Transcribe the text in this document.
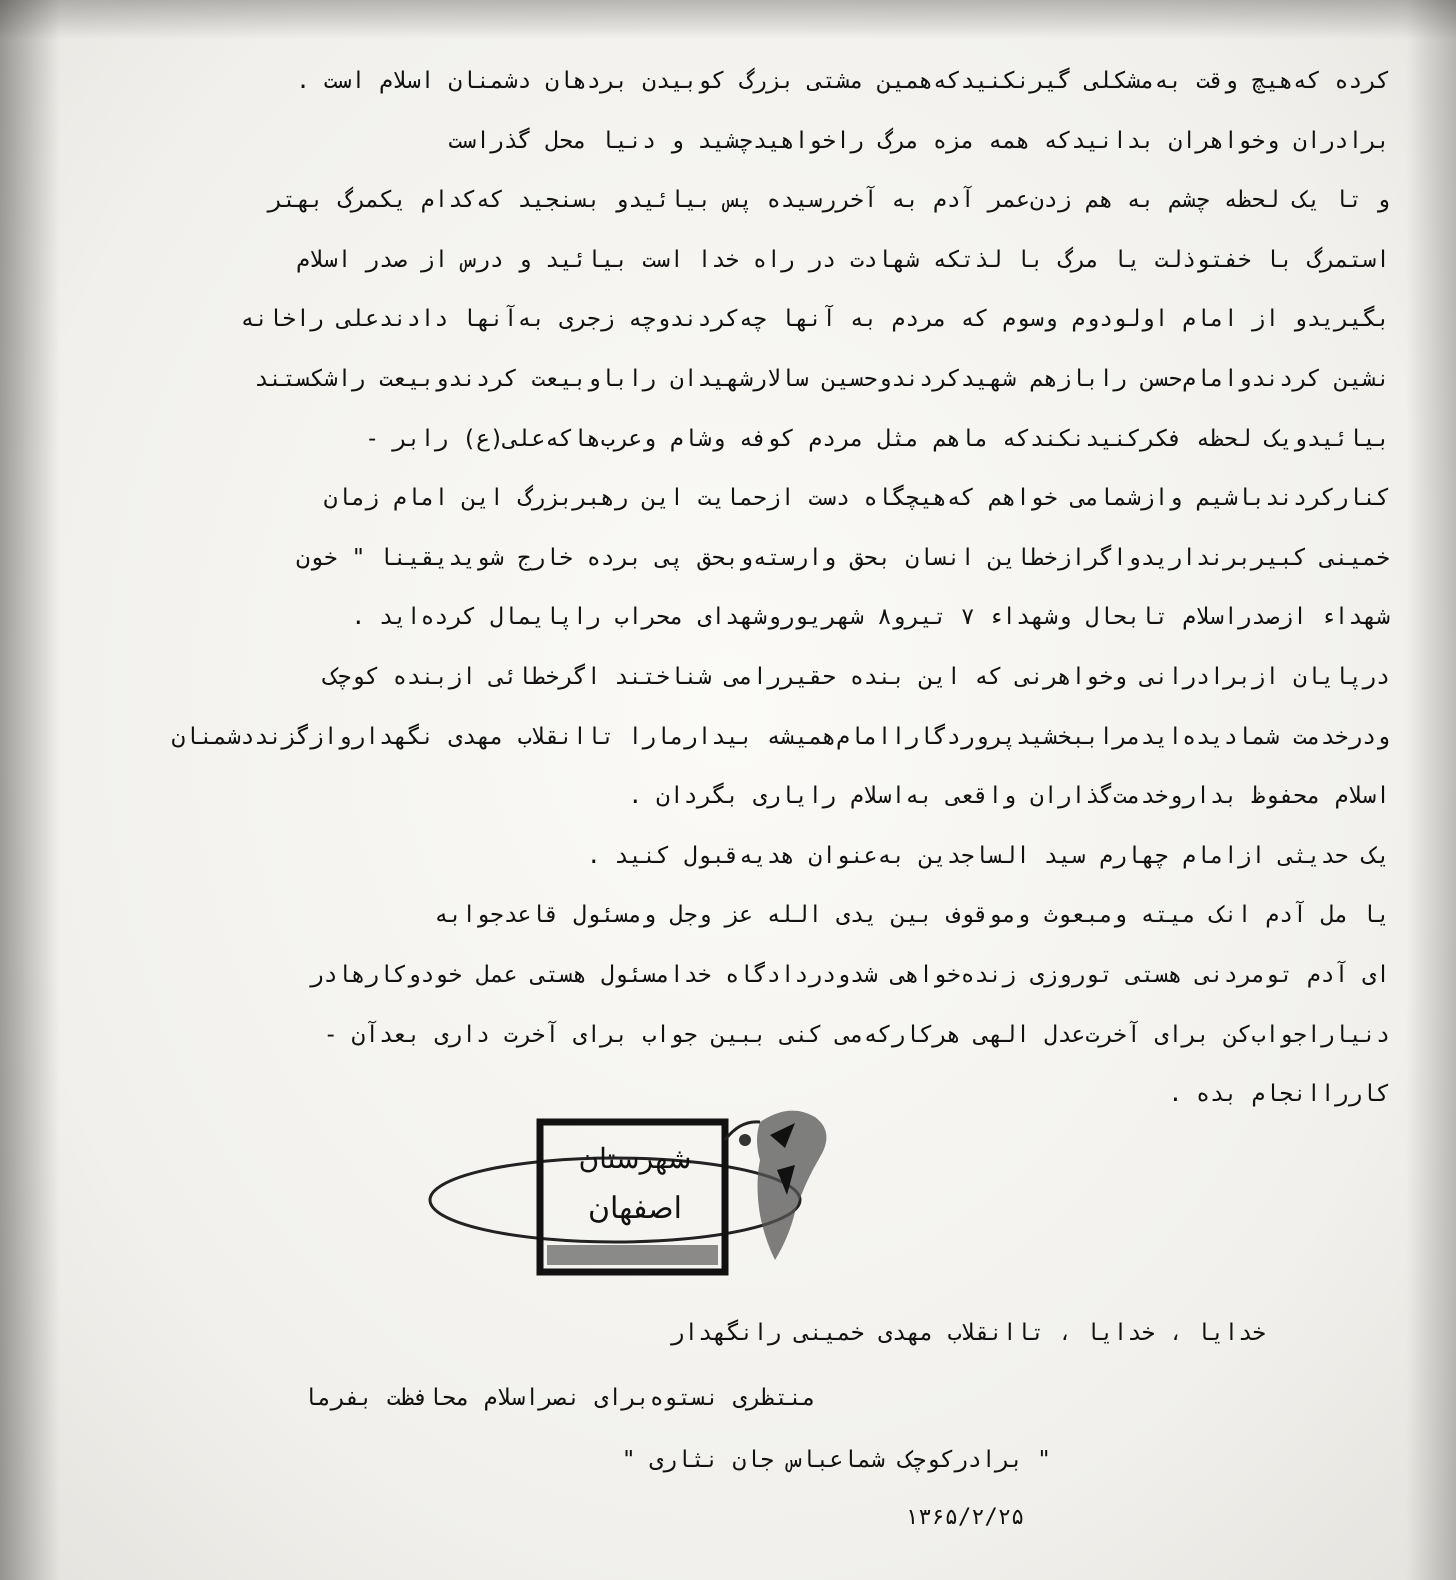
کرده که‌هیچ وقت به‌مشکلی گیرنکنیدکه‌همین مشتی بزرگ کوبیدن بردهان دشمنان اسلام است .
برادران وخواهران بدانیدکه همه مزه مرگ راخواهیدچشید و دنیا محل گذراست
و تا یک لحظه چشم به هم زدن‌عمر آدم به آخررسیده پس بیائیدو بسنجید که‌کدام یکمرگ بهتر
استمرگ با خفتوذلت یا مرگ با لذتکه شهادت در راه خدا است بیائید و درس از صدر اسلام
بگیریدو از امام اولودوم وسوم که مردم به آنها چه‌کردندوچه زجری به‌آنها دادندعلی راخانه
نشین کردندوامام‌حسن راباز‌هم شهیدکردندوحسین سالارشهیدان راباوبیعت کردندوبیعت راشکستند
بیائیدویک لحظه فکرکنیدنکندکه ماهم مثل مردم کوفه وشام وعرب‌هاکه‌علی(ع) رابر -
کنارکردندباشیم وازشمامی خواهم که‌هیچگاه دست ازحمایت این رهبربزرگ این امام زمان
خمینی کبیربرنداریدواگرازخطاین انسان بحق وارسته‌وبحق پی برده خارج شویدیقینا " خون
شهداء ازصدراسلام تابحال وشهداء ۷ تیرو۸ شهریوروشهدای محراب راپایمال کرده‌اید .
درپایان ازبرادرانی وخواهرنی که این بنده حقیررامی شناختند اگرخطائی ازبنده کوچک
ودرخدمت شمادیده‌ایدمراببخشیدپروردگاراامام‌همیشه بیدارمارا تاانقلاب مهدی نگهداروازگزنددشمنان
اسلام محفوظ بداروخدمت‌گذاران واقعی به‌اسلام رایاری بگردان .
یک حدیثی ازامام چهارم سید الساجدین به‌عنوان هدیه‌قبول کنید .
یا مل آدم انک میته ومبعوث وموقوف بین یدی الله عز وجل ومسئول قاعدجوابه
ای آدم تومردنی هستی توروزی زنده‌خواهی شدودردادگاه خدامسئول هستی عمل خودوکارهادر
دنیاراجواب‌کن برای آخرت‌عدل الهی هرکارکه‌می کنی ببین جواب برای آخرت داری بعدآن -
کارراانجام بده .
شهرستان
اصفهان
خدایا ، خدایا ، تاانقلاب مهدی خمینی رانگهدار
منتظری نستوه‌برای نصراسلام محافظت بفرما
" برادرکوچک شماعباس جان نثاری "
۱۳۶۵/۲/۲۵
